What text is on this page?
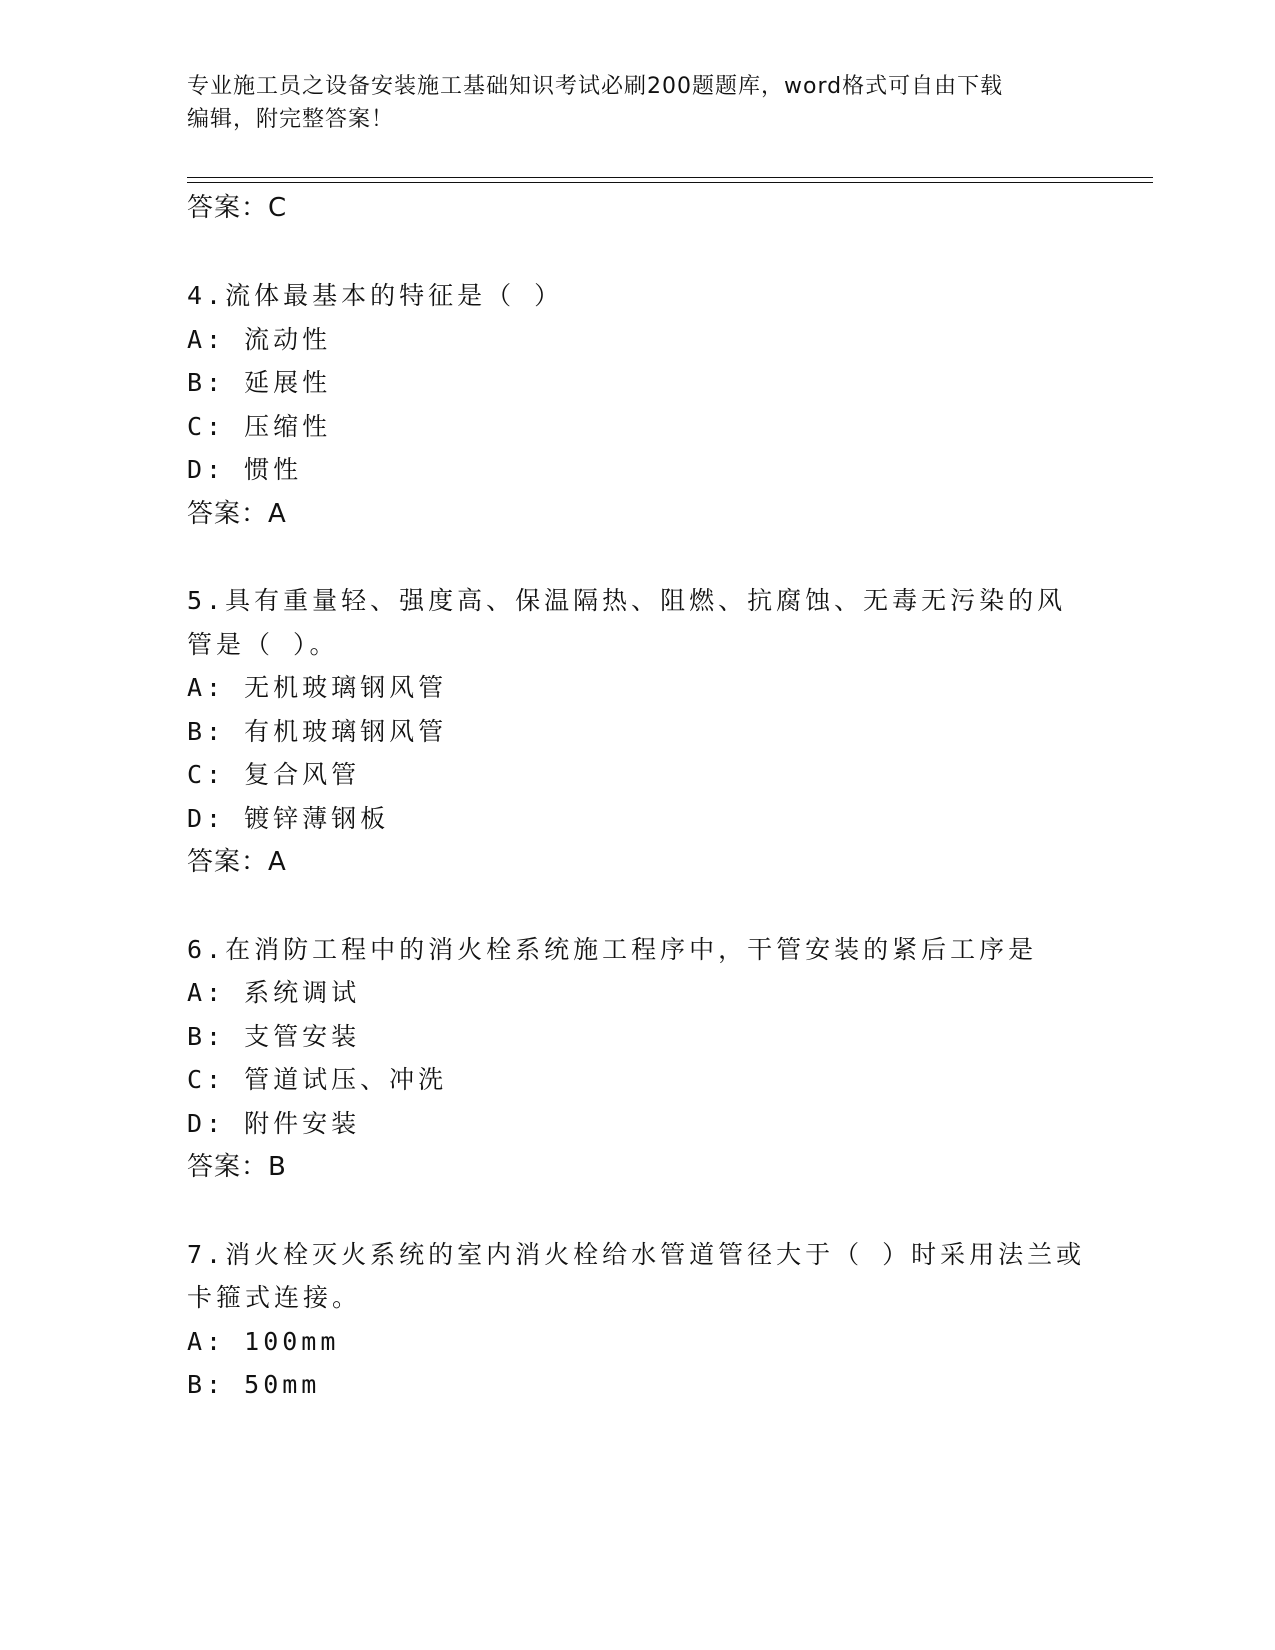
专业施工员之设备安装施工基础知识考试必刷200题题库，word格式可自由下载
编辑，附完整答案！
答案：C
4.流体最基本的特征是（ ）
A: 流动性
B: 延展性
C: 压缩性
D: 惯性
答案：A
5.具有重量轻、强度高、保温隔热、阻燃、抗腐蚀、无毒无污染的风
管是（ ）。
A: 无机玻璃钢风管
B: 有机玻璃钢风管
C: 复合风管
D: 镀锌薄钢板
答案：A
6.在消防工程中的消火栓系统施工程序中，干管安装的紧后工序是
A: 系统调试
B: 支管安装
C: 管道试压、冲洗
D: 附件安装
答案：B
7.消火栓灭火系统的室内消火栓给水管道管径大于（ ）时采用法兰或
卡箍式连接。
A: 100mm
B: 50mm
